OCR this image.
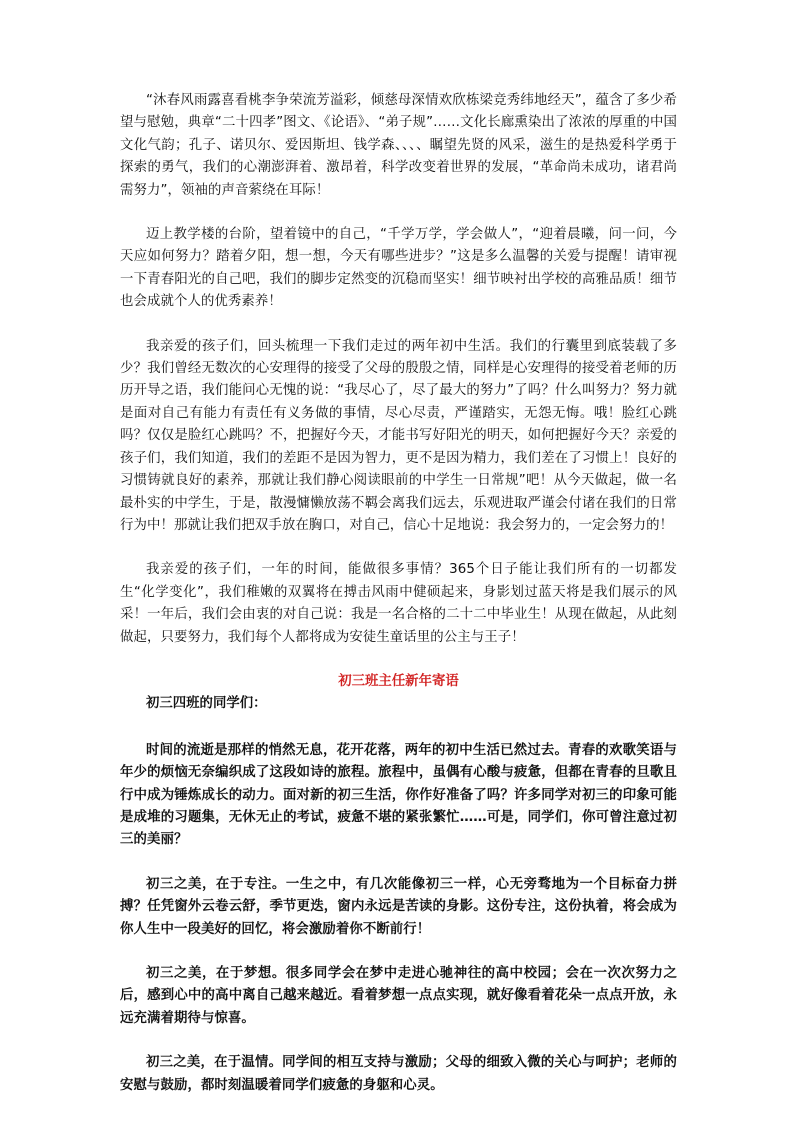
“沐春风雨露喜看桃李争荣流芳溢彩，倾慈母深情欢欣栋梁竞秀纬地经天”，蕴含了多少希望与慰勉，典章“二十四孝”图文、《论语》、“弟子规”……文化长廊熏染出了浓浓的厚重的中国文化气韵；孔子、诺贝尔、爱因斯坦、钱学森、、、、瞩望先贤的风采，滋生的是热爱科学勇于探索的勇气，我们的心潮澎湃着、激昂着，科学改变着世界的发展，“革命尚未成功，诸君尚需努力”，领袖的声音萦绕在耳际！

迈上教学楼的台阶，望着镜中的自己，“千学万学，学会做人”，“迎着晨曦，问一问，今天应如何努力？踏着夕阳，想一想，今天有哪些进步？”这是多么温馨的关爱与提醒！请审视一下青春阳光的自己吧，我们的脚步定然变的沉稳而坚实！细节映衬出学校的高雅品质！细节也会成就个人的优秀素养！

我亲爱的孩子们，回头梳理一下我们走过的两年初中生活。我们的行囊里到底装载了多少？我们曾经无数次的心安理得的接受了父母的殷殷之情，同样是心安理得的接受着老师的历历开导之语，我们能问心无愧的说：“我尽心了，尽了最大的努力”了吗？什么叫努力？努力就是面对自己有能力有责任有义务做的事情，尽心尽责，严谨踏实，无怨无悔。哦！脸红心跳吗？仅仅是脸红心跳吗？不，把握好今天，才能书写好阳光的明天，如何把握好今天？亲爱的孩子们，我们知道，我们的差距不是因为智力，更不是因为精力，我们差在了习惯上！良好的习惯铸就良好的素养，那就让我们静心阅读眼前的中学生一日常规”吧！从今天做起，做一名最朴实的中学生，于是，散漫慵懒放荡不羁会离我们远去，乐观进取严谨会付诸在我们的日常行为中！那就让我们把双手放在胸口，对自己，信心十足地说：我会努力的，一定会努力的！

我亲爱的孩子们，一年的时间，能做很多事情？365个日子能让我们所有的一切都发生“化学变化”，我们稚嫩的双翼将在搏击风雨中健硕起来，身影划过蓝天将是我们展示的风采！一年后，我们会由衷的对自己说：我是一名合格的二十二中毕业生！从现在做起，从此刻做起，只要努力，我们每个人都将成为安徒生童话里的公主与王子！

初三班主任新年寄语

初三四班的同学们：

时间的流逝是那样的悄然无息，花开花落，两年的初中生活已然过去。青春的欢歌笑语与年少的烦恼无奈编织成了这段如诗的旅程。旅程中，虽偶有心酸与疲惫，但都在青春的旦歌且行中成为锤炼成长的动力。面对新的初三生活，你作好准备了吗？许多同学对初三的印象可能是成堆的习题集，无休无止的考试，疲惫不堪的紧张繁忙……可是，同学们，你可曾注意过初三的美丽？

初三之美，在于专注。一生之中，有几次能像初三一样，心无旁骛地为一个目标奋力拼搏？任凭窗外云卷云舒，季节更迭，窗内永远是苦读的身影。这份专注，这份执着，将会成为你人生中一段美好的回忆，将会激励着你不断前行！

初三之美，在于梦想。很多同学会在梦中走进心驰神往的高中校园；会在一次次努力之后，感到心中的高中离自己越来越近。看着梦想一点点实现，就好像看着花朵一点点开放，永远充满着期待与惊喜。

初三之美，在于温情。同学间的相互支持与激励；父母的细致入微的关心与呵护；老师的安慰与鼓励，都时刻温暖着同学们疲惫的身躯和心灵。
